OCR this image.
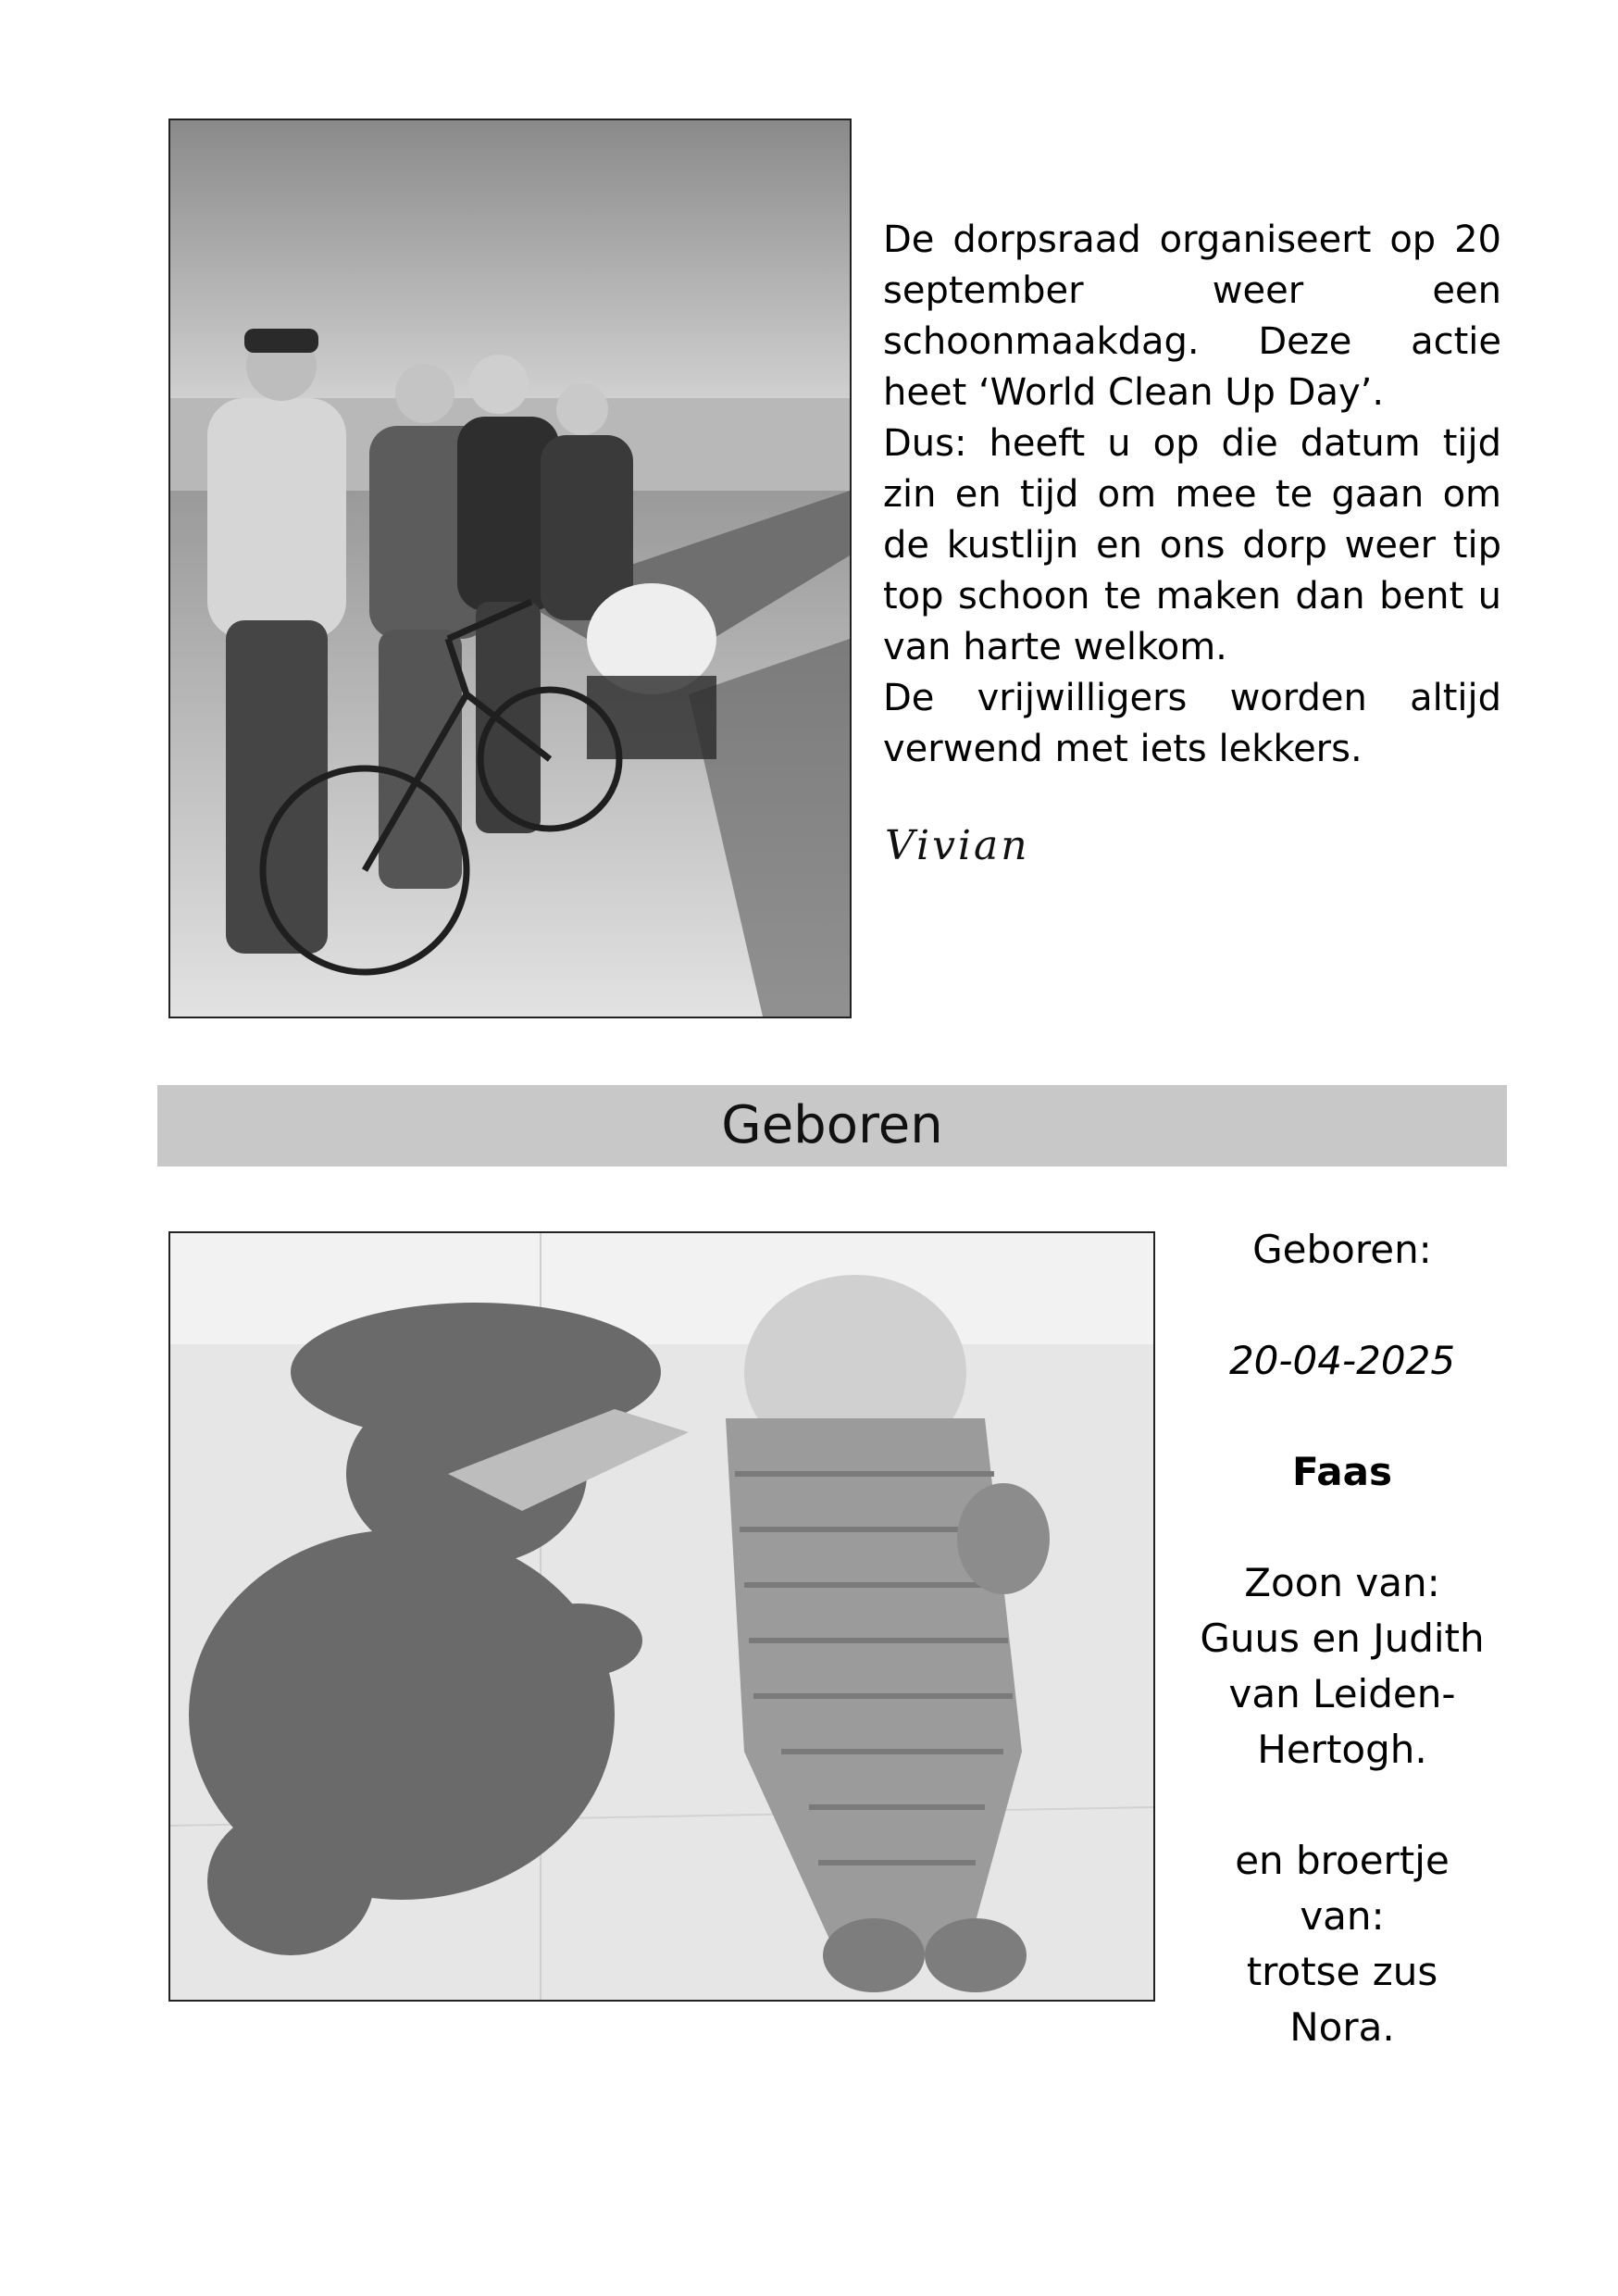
De dorpsraad organiseert op 20 september weer een schoonmaakdag. Deze actie heet ‘World Clean Up Day’.

Dus: heeft u op die datum tijd zin en tijd om mee te gaan om de kustlijn en ons dorp weer tip top schoon te maken dan bent u van harte welkom.

De vrijwilligers worden altijd verwend met iets lekkers.

Vivian
Geboren
Geboren:
20-04-2025
Faas
Zoon van:
Guus en Judith
van Leiden-
Hertogh.
en broertje
van:
trotse zus
Nora.
